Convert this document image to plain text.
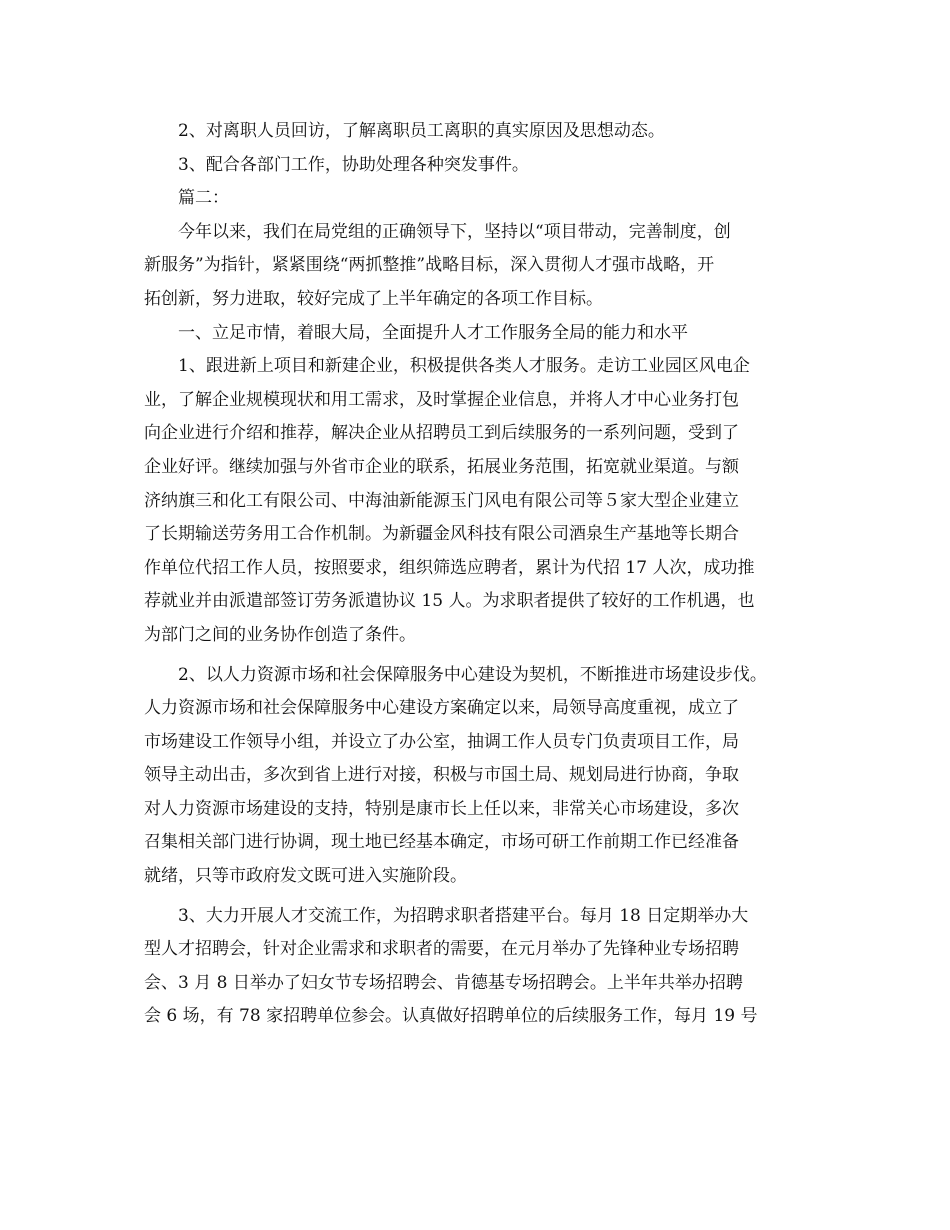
2、对离职人员回访，了解离职员工离职的真实原因及思想动态。
3、配合各部门工作，协助处理各种突发事件。
篇二：
今年以来，我们在局党组的正确领导下，坚持以“项目带动，完善制度，创
新服务”为指针，紧紧围绕“两抓整推”战略目标，深入贯彻人才强市战略，开
拓创新，努力进取，较好完成了上半年确定的各项工作目标。
一、立足市情，着眼大局，全面提升人才工作服务全局的能力和水平
1、跟进新上项目和新建企业，积极提供各类人才服务。走访工业园区风电企
业，了解企业规模现状和用工需求，及时掌握企业信息，并将人才中心业务打包
向企业进行介绍和推荐，解决企业从招聘员工到后续服务的一系列问题，受到了
企业好评。继续加强与外省市企业的联系，拓展业务范围，拓宽就业渠道。与额
济纳旗三和化工有限公司、中海油新能源玉门风电有限公司等５家大型企业建立
了长期输送劳务用工合作机制。为新疆金风科技有限公司酒泉生产基地等长期合
作单位代招工作人员，按照要求，组织筛选应聘者，累计为代招 17 人次，成功推
荐就业并由派遣部签订劳务派遣协议 15 人。为求职者提供了较好的工作机遇，也
为部门之间的业务协作创造了条件。
2、以人力资源市场和社会保障服务中心建设为契机，不断推进市场建设步伐。
人力资源市场和社会保障服务中心建设方案确定以来，局领导高度重视，成立了
市场建设工作领导小组，并设立了办公室，抽调工作人员专门负责项目工作，局
领导主动出击，多次到省上进行对接，积极与市国土局、规划局进行协商，争取
对人力资源市场建设的支持，特别是康市长上任以来，非常关心市场建设，多次
召集相关部门进行协调，现土地已经基本确定，市场可研工作前期工作已经准备
就绪，只等市政府发文既可进入实施阶段。
3、大力开展人才交流工作，为招聘求职者搭建平台。每月 18 日定期举办大
型人才招聘会，针对企业需求和求职者的需要，在元月举办了先锋种业专场招聘
会、3 月 8 日举办了妇女节专场招聘会、肯德基专场招聘会。上半年共举办招聘
会 6 场，有 78 家招聘单位参会。认真做好招聘单位的后续服务工作，每月 19 号
